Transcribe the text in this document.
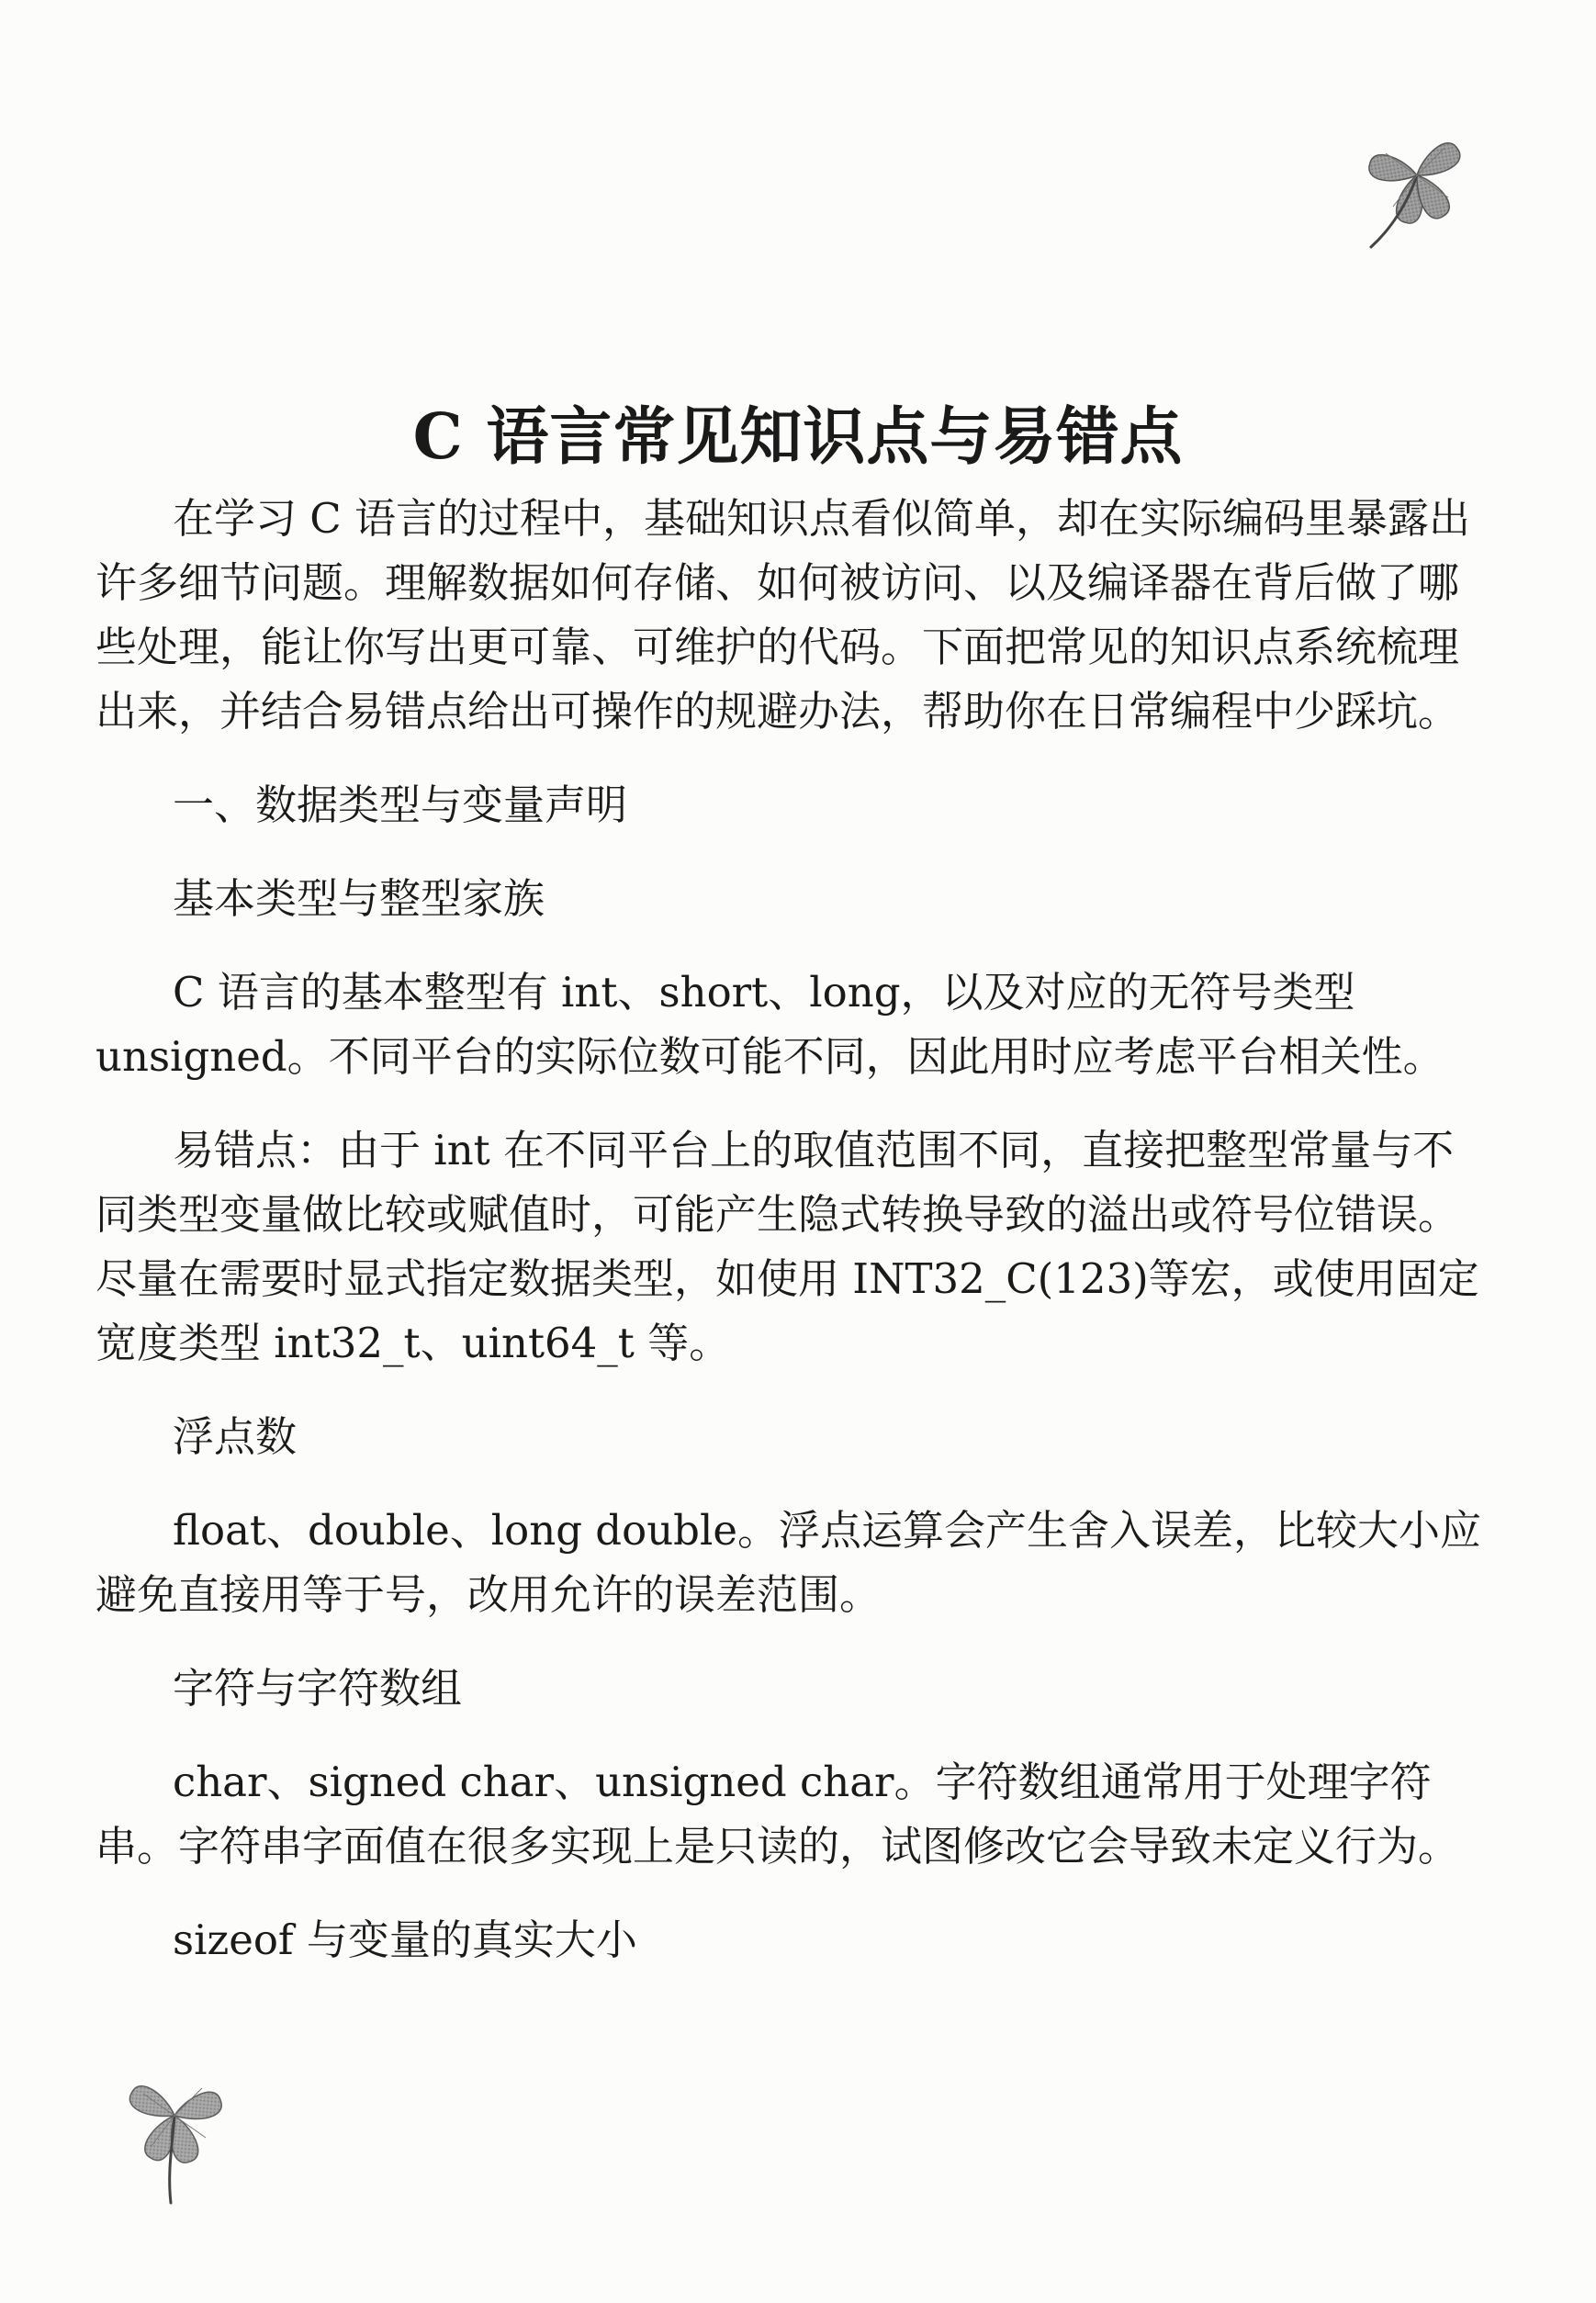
C 语言常见知识点与易错点

在学习 C 语言的过程中，基础知识点看似简单，却在实际编码里暴露出许多细节问题。理解数据如何存储、如何被访问、以及编译器在背后做了哪些处理，能让你写出更可靠、可维护的代码。下面把常见的知识点系统梳理出来，并结合易错点给出可操作的规避办法，帮助你在日常编程中少踩坑。

一、数据类型与变量声明

基本类型与整型家族

C 语言的基本整型有 int、short、long，以及对应的无符号类型 unsigned。不同平台的实际位数可能不同，因此用时应考虑平台相关性。

易错点：由于 int 在不同平台上的取值范围不同，直接把整型常量与不同类型变量做比较或赋值时，可能产生隐式转换导致的溢出或符号位错误。尽量在需要时显式指定数据类型，如使用 INT32_C(123)等宏，或使用固定宽度类型 int32_t、uint64_t 等。

浮点数

float、double、long double。浮点运算会产生舍入误差，比较大小应避免直接用等于号，改用允许的误差范围。

字符与字符数组

char、signed char、unsigned char。字符数组通常用于处理字符串。字符串字面值在很多实现上是只读的，试图修改它会导致未定义行为。

sizeof 与变量的真实大小
